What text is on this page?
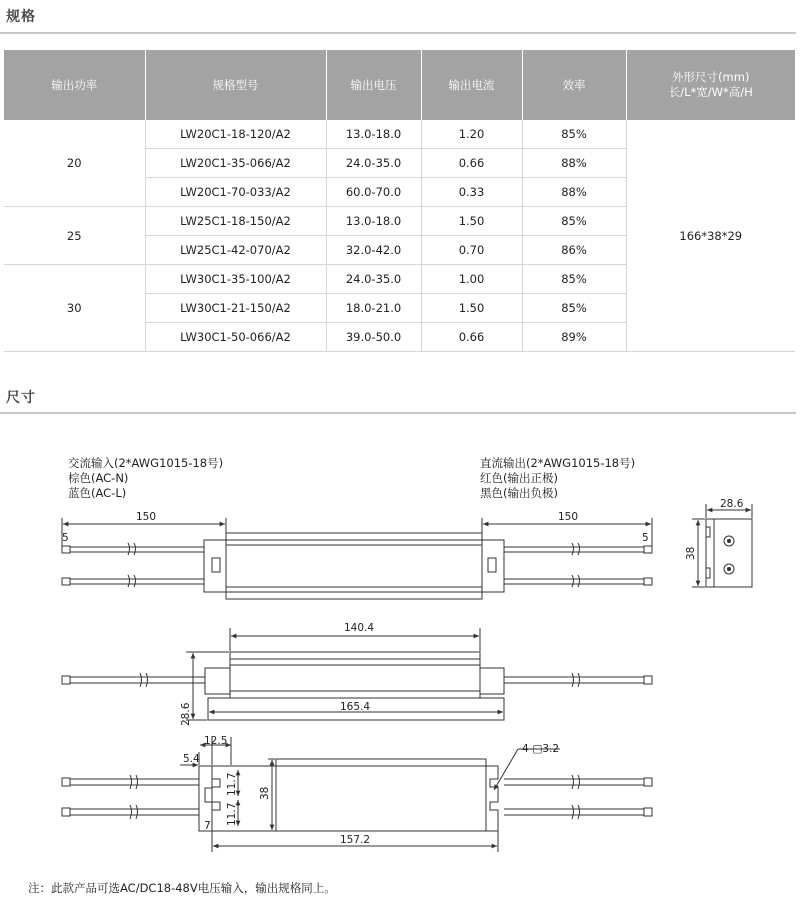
规格
输出功率	规格型号	输出电压	输出电流	效率	外形尺寸(mm)
长/L*宽/W*高/H
20	LW20C1-18-120/A2	13.0-18.0	1.20	85%	166*38*29
	LW20C1-35-066/A2	24.0-35.0	0.66	88%	
	LW20C1-70-033/A2	60.0-70.0	0.33	88%	
25	LW25C1-18-150/A2	13.0-18.0	1.50	85%	
	LW25C1-42-070/A2	32.0-42.0	0.70	86%	
30	LW30C1-35-100/A2	24.0-35.0	1.00	85%	
	LW30C1-21-150/A2	18.0-21.0	1.50	85%	
	LW30C1-50-066/A2	39.0-50.0	0.66	89%	
尺寸
交流输入(2*AWG1015-18号)
棕色(AC-N)
蓝色(AC-L)
直流输出(2*AWG1015-18号)
红色(输出正极)
黑色(输出负极)
150	150
5	5
28.6
38
140.4
165.4
28.6
12.5
5.4
11.7
11.7
7
38
157.2
4-□3.2
注：此款产品可选AC/DC18-48V电压输入，输出规格同上。
